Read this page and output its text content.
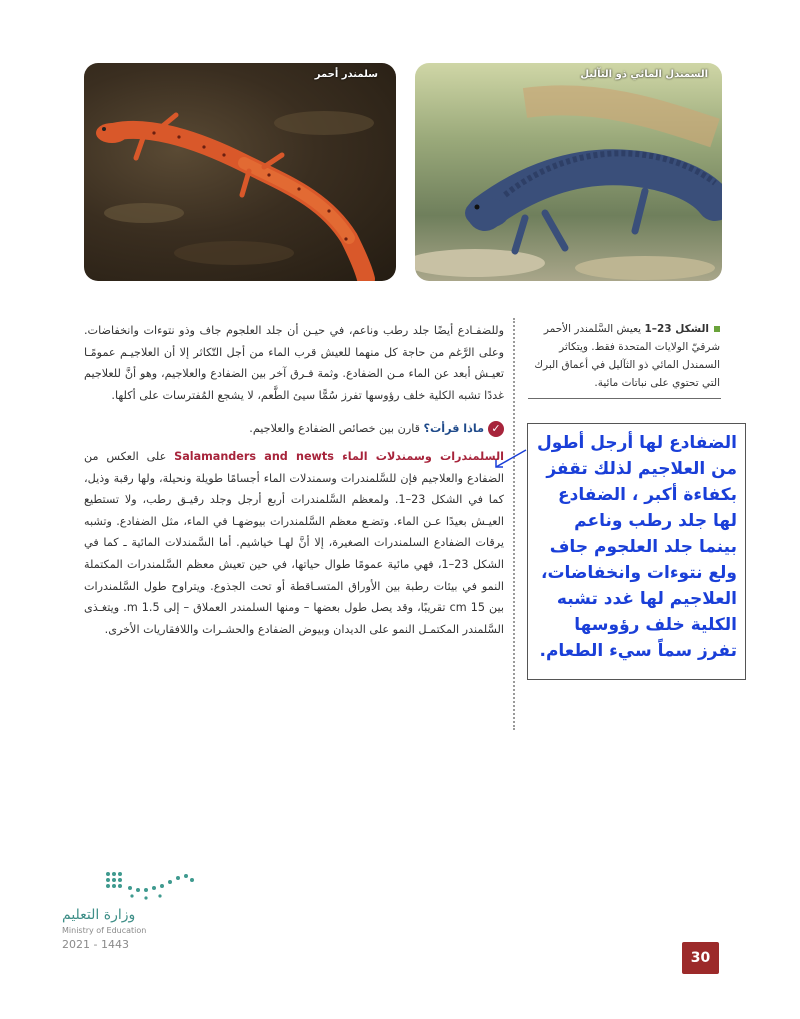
سلمندر أحمر	السمندل المائي ذو الثآليل
الشكل 23–1 يعيش السَّلمندر الأحمر شرقيّ الولايات المتحدة فقط. ويتكاثر السمندل المائي ذو الثآليل في أعماق البرك التي تحتوي على نباتات مائية.

وللضفـادع أيضًا جلد رطب وناعم، في حيـن أن جلد العلجوم جاف وذو نتوءات وانخفاضات. وعلى الرَّغم من حاجة كل منهما للعيش قرب الماء من أجل التّكاثر إلا أن العلاجيـم عمومًـا تعيـش أبعد عن الماء مـن الضفادع. وثمة فـرق آخر بين الضفادع والعلاجيم، وهو أنَّ للعلاجيم غددًا تشبه الكلية خلف رؤوسها تفرز سُمًّا سيئ الطَّعم، لا يشجع المُفترسات على أكلها.

✓ماذا قرأت؟ قارن بين خصائص الضفادع والعلاجيم.

السلمندرات وسمندلات الماء Salamanders and newts على العكس من الضفادع والعلاجيم فإن للسَّلمندرات وسمندلات الماء أجسامًا طويلة ونحيلة، ولها رقبة وذيل، كما في الشكل 23–1. ولمعظم السَّلمندرات أربع أرجل وجلد رقيـق رطب، ولا تستطيع العيـش بعيدًا عـن الماء. وتضـع معظم السَّلمندرات بيوضهـا في الماء، مثل الضفادع. وتشبه يرقات الضفادع السلمندرات الصغيرة، إلا أنَّ لهـا خياشيم. أما السَّمندلات المائية ـ كما في الشكل 23–1، فهي مائية عمومًا طوال حياتها، في حين تعيش معظم السَّلمندرات المكتملة النمو في بيئات رطبة بين الأوراق المتسـاقطة أو تحت الجذوع. ويتراوح طول السَّلمندرات بين 15 cm تقريبًا، وقد يصل طول بعضها – ومنها السلمندر العملاق – إلى 1.5 m. ويتغـذى السَّلمندر المكتمـل النمو على الديدان وبيوض الضفادع والحشـرات واللافقاريات الأخرى.

الضفادع لها أرجل أطول من العلاجيم لذلك تقفز بكفاءة أكبر ، الضفادع لها جلد رطب وناعم بينما جلد العلجوم جاف ولع نتوءات وانخفاضات، العلاجيم لها غدد تشبه الكلية خلف رؤوسها تفرز سماً سيء الطعام.
وزارة التعليم
Ministry of Education
2021 - 1443
30
